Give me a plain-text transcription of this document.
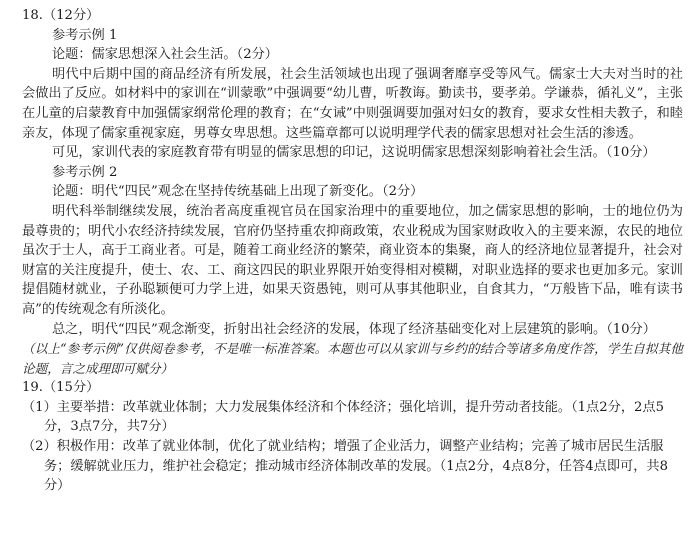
18.（12分）
参考示例 1
论题：儒家思想深入社会生活。（2分）
明代中后期中国的商品经济有所发展，社会生活领域也出现了强调奢靡享受等风气。儒家士大夫对当时的社会做出了反应。如材料中的家训在“训蒙歌”中强调要“幼儿曹，听教诲。勤读书，要孝弟。学谦恭，循礼义”，主张在儿童的启蒙教育中加强儒家纲常伦理的教育；在“女诫”中则强调要加强对妇女的教育，要求女性相夫教子，和睦亲友，体现了儒家重视家庭，男尊女卑思想。这些篇章都可以说明理学代表的儒家思想对社会生活的渗透。
可见，家训代表的家庭教育带有明显的儒家思想的印记，这说明儒家思想深刻影响着社会生活。（10分）
参考示例 2
论题：明代“四民”观念在坚持传统基础上出现了新变化。（2分）
明代科举制继续发展，统治者高度重视官员在国家治理中的重要地位，加之儒家思想的影响，士的地位仍为最尊贵的；明代小农经济持续发展，官府仍坚持重农抑商政策，农业税成为国家财政收入的主要来源，农民的地位虽次于士人，高于工商业者。可是，随着工商业经济的繁荣，商业资本的集聚，商人的经济地位显著提升，社会对财富的关注度提升，使士、农、工、商这四民的职业界限开始变得相对模糊，对职业选择的要求也更加多元。家训提倡随材就业，子孙聪颖便可力学上进，如果天资愚钝，则可从事其他职业，自食其力，“万般皆下品，唯有读书高”的传统观念有所淡化。
总之，明代“四民”观念渐变，折射出社会经济的发展，体现了经济基础变化对上层建筑的影响。（10分）
（以上“参考示例”仅供阅卷参考，不是唯一标准答案。本题也可以从家训与乡约的结合等诸多角度作答，学生自拟其他论题，言之成理即可赋分）
19.（15分）
（1）主要举措：改革就业体制；大力发展集体经济和个体经济；强化培训，提升劳动者技能。（1点2分，2点5分，3点7分，共7分）
（2）积极作用：改革了就业体制，优化了就业结构；增强了企业活力，调整产业结构；完善了城市居民生活服务；缓解就业压力，维护社会稳定；推动城市经济体制改革的发展。（1点2分，4点8分，任答4点即可，共8分）
